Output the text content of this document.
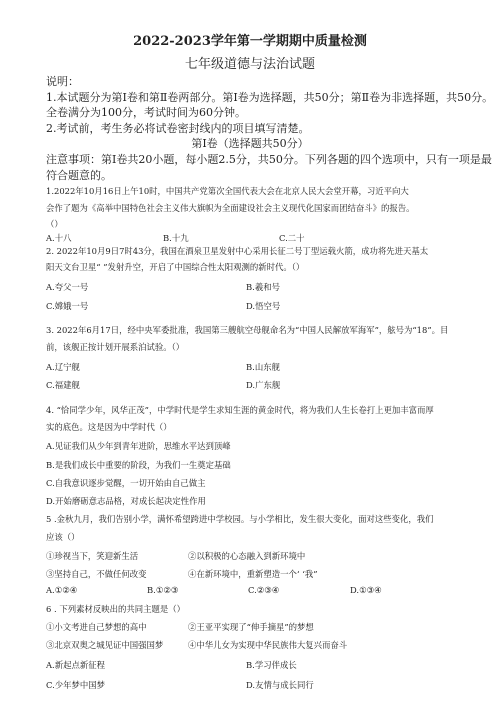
2022-2023学年第一学期期中质量检测
七年级道德与法治试题
说明：
1.本试题分为第Ⅰ卷和第Ⅱ卷两部分。第Ⅰ卷为选择题，共50分；第Ⅱ卷为非选择题，共50分。
全卷满分为100分，考试时间为60分钟。
2.考试前，考生务必将试卷密封线内的项目填写清楚。
第Ⅰ卷（选择题共50分）
注意事项：第Ⅰ卷共20小题，每小题2.5分，共50分。下列各题的四个选项中，只有一项是最
符合题意的。
1.2022年10月16日上午10时，中国共产党第次全国代表大会在北京人民大会堂开幕，习近平向大
会作了题为《高举中国特色社会主义伟大旗帜为全面建设社会主义现代化国家而团结奋斗》的报告。
（）
A.十八	B.十九	C.二十
2. 2022年10月9日7时43分，我国在酒泉卫星发射中心采用长征二号丁型运载火箭，成功将先进天基太
阳天文台卫星“ ”发射升空，开启了中国综合性太阳观测的新时代。（）
A.夸父一号	B.羲和号
C.嫦娥一号	D.悟空号
3. 2022年6月17日，经中央军委批准，我国第三艘航空母舰命名为“中国人民解放军海军”，舷号为“18”。目
前，该舰正按计划开展系泊试验。（）
A.辽宁舰	B.山东舰
C.福建舰	D.广东舰
4. “恰同学少年，风华正茂”，中学时代是学生求知生涯的黄金时代，将为我们人生长卷打上更加丰富而厚
实的底色。这是因为中学时代（）
A.见证我们从少年到青年进阶，思维水平达到顶峰
B.是我们成长中重要的阶段，为我们一生奠定基础
C.自我意识逐步觉醒，一切开始由自己做主
D.开始磨砺意志品格，对成长起决定性作用
5 .金秋九月，我们告别小学，满怀希望跨进中学校园。与小学相比，发生很大变化，面对这些变化，我们
应该（）
①珍视当下，笑迎新生活	②以积极的心态融入到新环境中
③坚持自己，不做任何改变	④在新环境中，重新塑造一个‘ ‘我”
A.①②④	B.①②③	C.②③④	D.①③④
6 . 下列素材反映出的共同主题是（）
①小文考进自己梦想的高中	②王亚平实现了“伸手摘星”的梦想
③北京双奥之城见证中国强国梦	④中华儿女为实现中华民族伟大复兴而奋斗
A.新起点新征程	B.学习伴成长
C.少年梦中国梦	D.友情与成长同行
